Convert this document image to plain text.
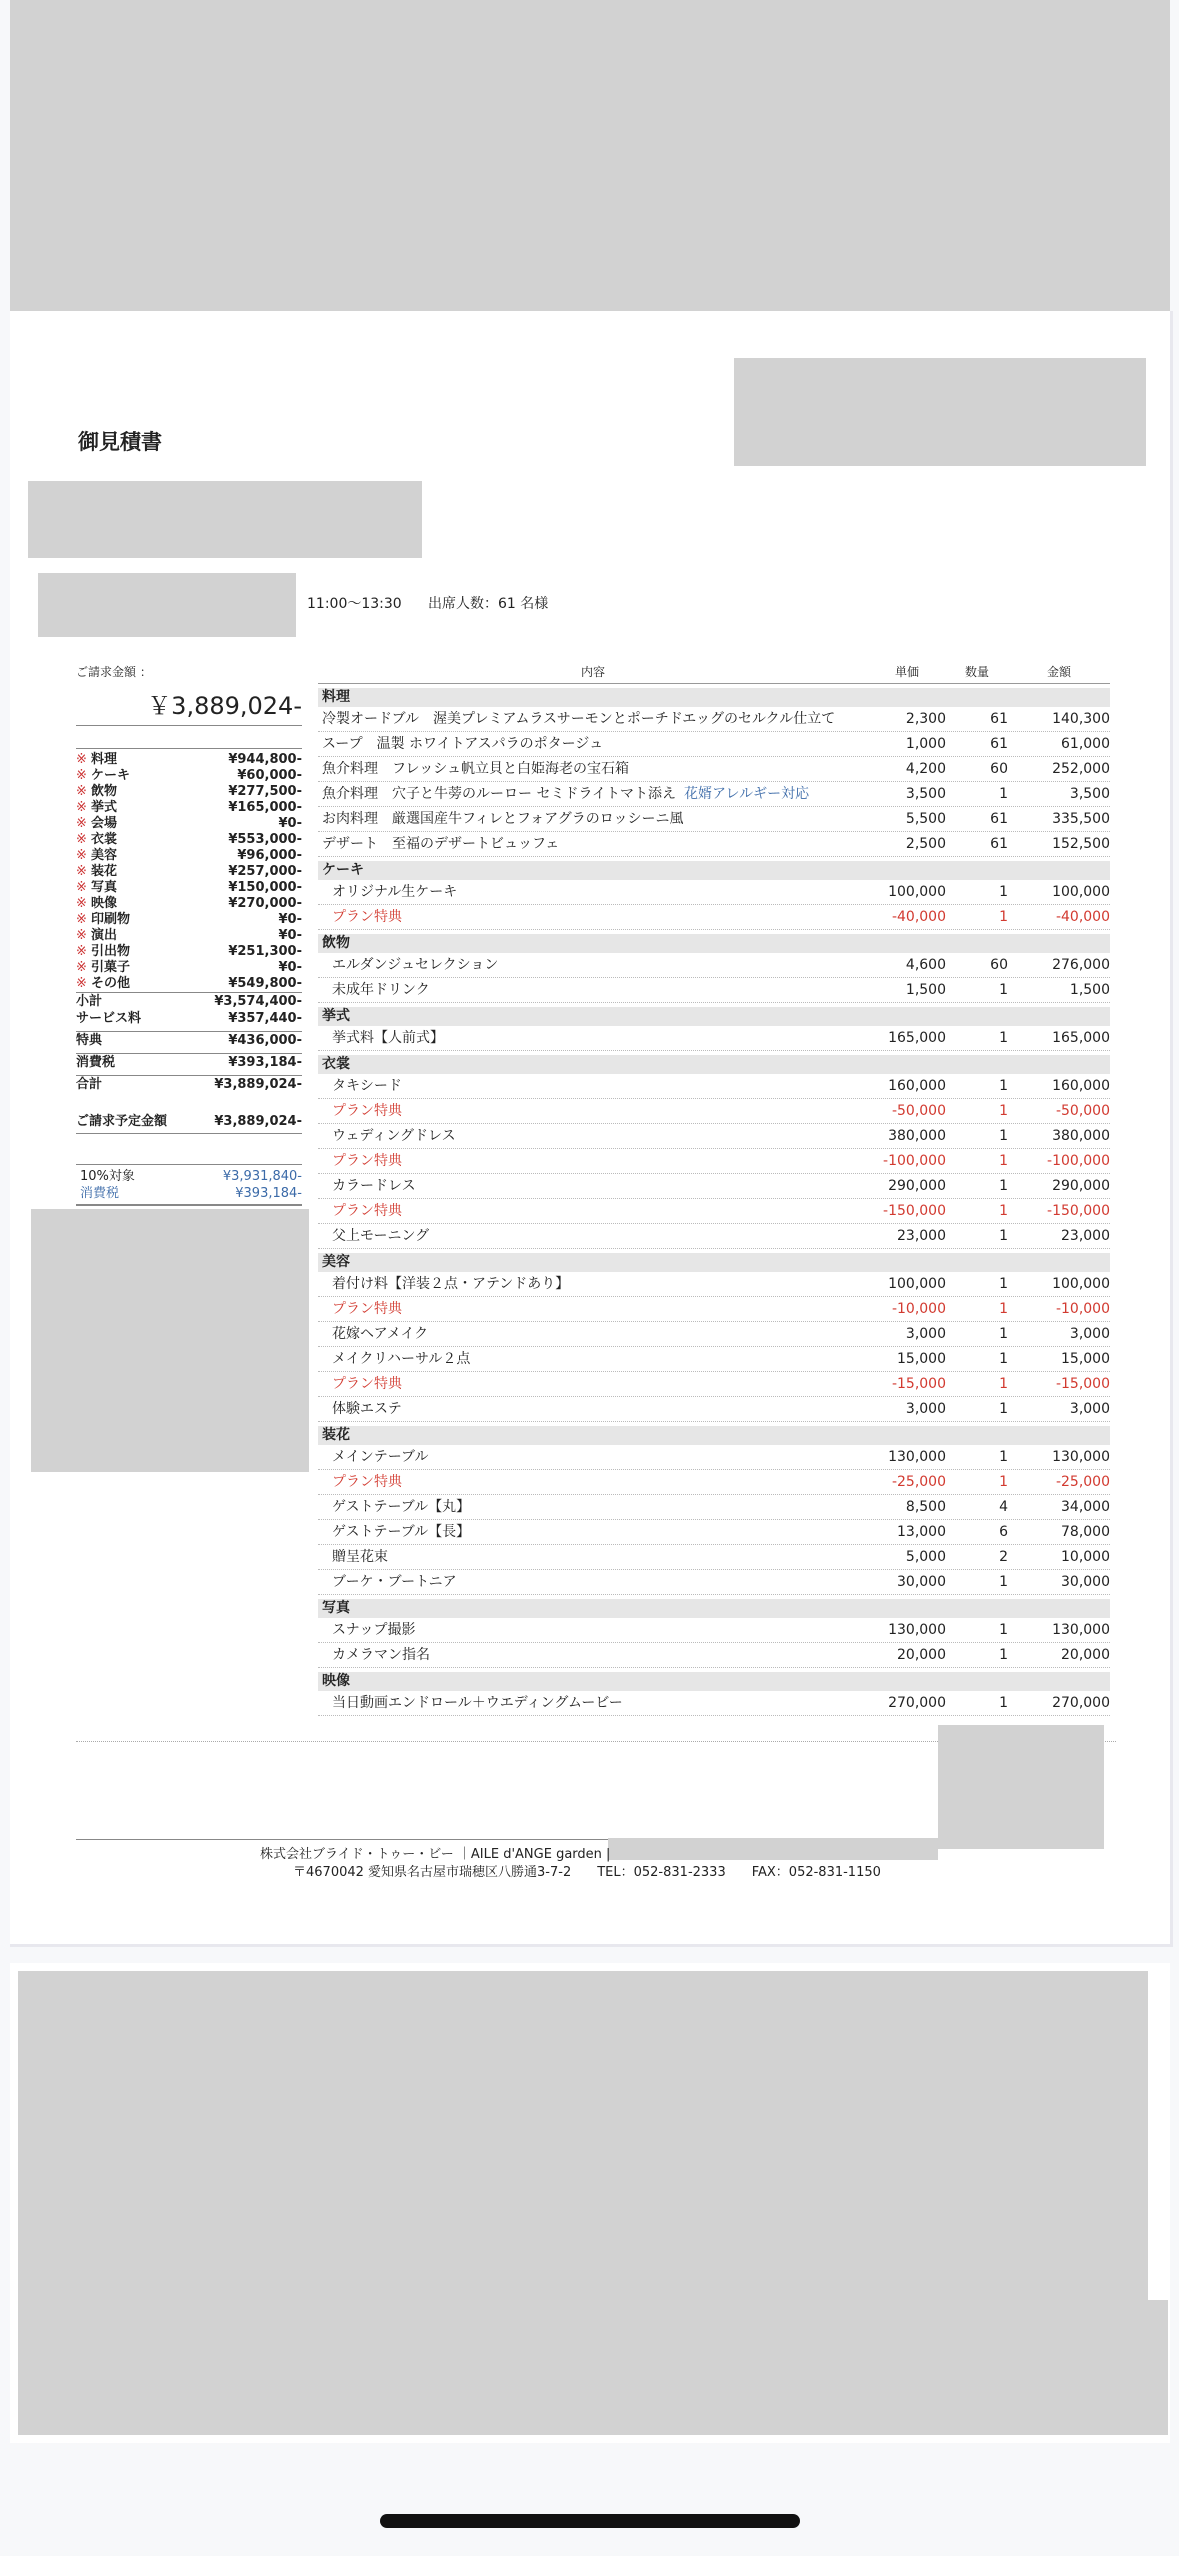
御見積書
11:00〜13:30 出席人数：61 名様
ご請求金額 ：
￥3,889,024-
※ 料理	¥944,800-
※ ケーキ	¥60,000-
※ 飲物	¥277,500-
※ 挙式	¥165,000-
※ 会場	¥0-
※ 衣裳	¥553,000-
※ 美容	¥96,000-
※ 装花	¥257,000-
※ 写真	¥150,000-
※ 映像	¥270,000-
※ 印刷物	¥0-
※ 演出	¥0-
※ 引出物	¥251,300-
※ 引菓子	¥0-
※ その他	¥549,800-
小計	¥3,574,400-
サービス料	¥357,440-
特典	¥436,000-
消費税	¥393,184-
合計	¥3,889,024-
ご請求予定金額	¥3,889,024-
10%対象	¥3,931,840-
消費税	¥393,184-
内容	単価	数量	金額
料理
冷製オードブル　渥美プレミアムラスサーモンとポーチドエッグのセルクル仕立て	2,300	61	140,300
スープ　温製 ホワイトアスパラのポタージュ	1,000	61	61,000
魚介料理　フレッシュ帆立貝と白姫海老の宝石箱	4,200	60	252,000
魚介料理　穴子と牛蒡のルーロー セミドライトマト添え 花婿アレルギー対応	3,500	1	3,500
お肉料理　厳選国産牛フィレとフォアグラのロッシーニ風	5,500	61	335,500
デザート　至福のデザートビュッフェ	2,500	61	152,500
ケーキ
オリジナル生ケーキ	100,000	1	100,000
プラン特典	-40,000	1	-40,000
飲物
エルダンジュセレクション	4,600	60	276,000
未成年ドリンク	1,500	1	1,500
挙式
挙式料【人前式】	165,000	1	165,000
衣裳
タキシード	160,000	1	160,000
プラン特典	-50,000	1	-50,000
ウェディングドレス	380,000	1	380,000
プラン特典	-100,000	1	-100,000
カラードレス	290,000	1	290,000
プラン特典	-150,000	1	-150,000
父上モーニング	23,000	1	23,000
美容
着付け料【洋装２点・アテンドあり】	100,000	1	100,000
プラン特典	-10,000	1	-10,000
花嫁ヘアメイク	3,000	1	3,000
メイクリハーサル２点	15,000	1	15,000
プラン特典	-15,000	1	-15,000
体験エステ	3,000	1	3,000
装花
メインテーブル	130,000	1	130,000
プラン特典	-25,000	1	-25,000
ゲストテーブル【丸】	8,500	4	34,000
ゲストテーブル【長】	13,000	6	78,000
贈呈花束	5,000	2	10,000
ブーケ・ブートニア	30,000	1	30,000
写真
スナップ撮影	130,000	1	130,000
カメラマン指名	20,000	1	20,000
映像
当日動画エンドロール＋ウエディングムービー	270,000	1	270,000
株式会社ブライド・トゥー・ビー ｜AILE d'ANGE garden |
〒4670042 愛知県名古屋市瑞穂区八勝通3-7-2　　TEL：052-831-2333　　FAX：052-831-1150
